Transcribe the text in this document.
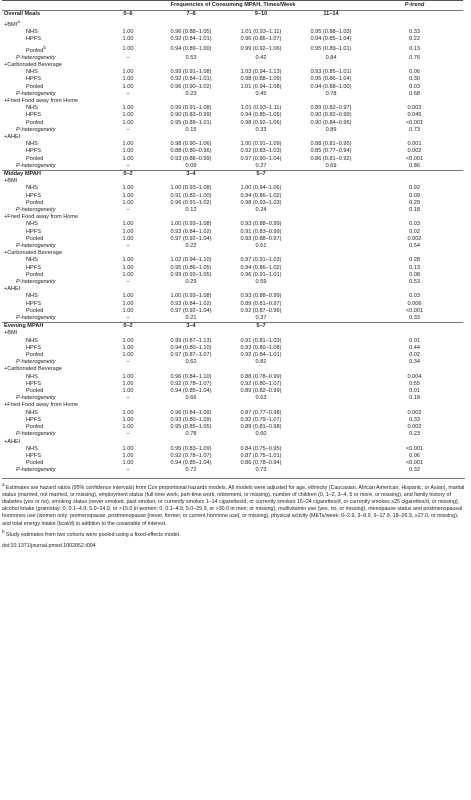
	Frequencies of Consuming MPAH, Times/Week				P-trend
Overall Meals	0–6	7–8	9–10	11–14	
$+BMI^a$
NHS	1.00	0.96 (0.88–1.05)	1.01 (0.93–1.11)	0.95 (0.88–1.03)	0.33
HPFS	1.00	0.92 (0.84–1.01)	0.96 (0.86–1.07)	0.94 (0.85–1.04)	0.22
Pooled$^b$	1.00	0.94 (0.89–1.00)	0.99 (0.92–1.06)	0.95 (0.89–1.01)	0.13
P-heterogeneity	–	0.53	0.42	0.84	0.76
+Carbonated Beverage					
NHS	1.00	0.99 (0.91–1.08)	1.03 (0.94–1.13)	0.93 (0.85–1.01)	0.06
HPFS	1.00	0.92 (0.84–1.01)	0.98 (0.88–1.09)	0.95 (0.86–1.04)	0.30
Pooled	1.00	0.96 (0.90–1.02)	1.01 (0.94–1.08)	0.94 (0.88–1.00)	0.03
P-heterogeneity	–	0.23	0.45	0.78	0.68
+Fried Food away from Home					
NHS	1.00	0.99 (0.91–1.08)	1.01 (0.93–1.11)	0.89 (0.82–0.97)	0.003
HPFS	1.00	0.90 (0.83–0.99)	0.94 (0.85–1.05)	0.90 (0.82–0.99)	0.045
Pooled	1.00	0.95 (0.89–1.01)	0.98 (0.92–1.06)	0.90 (0.84–0.95)	<0.001
P-heterogeneity	–	0.15	0.33	0.89	0.73
+AHEI					
NHS	1.00	0.98 (0.90–1.06)	1.00 (0.91–1.09)	0.88 (0.81–0.95)	0.001
HPFS	1.00	0.88 (0.80–0.96)	0.92 (0.83–1.03)	0.85 (0.77–0.94)	0.002
Pooled	1.00	0.93 (0.88–0.99)	0.97 (0.90–1.04)	0.86 (0.81–0.92)	<0.001
P-heterogeneity	–	0.09	0.27	0.69	0.86
Midday MPAH	0–2	3–4	5–7		
+BMI					
NHS	1.00	1.00 (0.93–1.08)	1.00 (0.94–1.06)		0.92
HPFS	1.00	0.91 (0.82–1.00)	0.94 (0.86–1.02)		0.09
Pooled	1.00	0.96 (0.91–1.02)	0.98 (0.93–1.03)		0.29
P-heterogeneity	–	0.12	0.24		0.18
+Fried Food away from Home					
NHS	1.00	1.00 (0.93–1.08)	0.93 (0.88–0.99)		0.03
HPFS	1.00	0.93 (0.84–1.02)	0.91 (0.83–0.99)		0.02
Pooled	1.00	0.97 (0.92–1.04)	0.93 (0.88–0.97)		0.002
P-heterogeneity	–	0.22	0.61		0.54
+Carbonated Beverage					
NHS	1.00	1.02 (0.94–1.10)	0.97 (0.91–1.03)		0.28
HPFS	1.00	0.95 (0.86–1.05)	0.94 (0.86–1.02)		0.13
Pooled	1.00	0.99 (0.93–1.05)	0.96 (0.91–1.01)		0.08
P-heterogeneity	–	0.29	0.59		0.53
+AHEI					
NHS	1.00	1.00 (0.93–1.08)	0.93 (0.88–0.99)		0.03
HPFS	1.00	0.93 (0.84–1.02)	0.89 (0.81–0.97)		0.006
Pooled	1.00	0.97 (0.92–1.04)	0.92 (0.87–0.96)		<0.001
P-heterogeneity	–	0.21	0.37		0.33
Evening MPAH	0–2	3–4	5–7		
+BMI					
NHS	1.00	0.99 (0.87–1.13)	0.91 (0.81–1.03)		0.01
HPFS	1.00	0.94 (0.80–1.10)	0.93 (0.80–1.08)		0.44
Pooled	1.00	0.97 (0.87–1.07)	0.92 (0.84–1.01)		0.02
P-heterogeneity	–	0.62	0.82		0.34
+Carbonated Beverage					
NHS	1.00	0.96 (0.84–1.10)	0.88 (0.78–0.99)		0.004
HPFS	1.00	0.92 (0.78–1.07)	0.92 (0.80–1.07)		0.55
Pooled	1.00	0.94 (0.85–1.04)	0.89 (0.82–0.99)		0.01
P-heterogeneity	–	0.66	0.63		0.18
+Fried Food away from Home					
NHS	1.00	0.96 (0.84–1.09)	0.87 (0.77–0.98)		0.002
HPFS	1.00	0.93 (0.80–1.09)	0.92 (0.79–1.07)		0.33
Pooled	1.00	0.95 (0.85–1.05)	0.89 (0.81–0.98)		0.002
P-heterogeneity	–	0.78	0.60		0.23
+AHEI					
NHS	1.00	0.95 (0.83–1.09)	0.84 (0.75–0.95)		<0.001
HPFS	1.00	0.92 (0.78–1.07)	0.87 (0.75–1.01)		0.06
Pooled	1.00	0.94 (0.85–1.04)	0.86 (0.78–0.94)		<0.001
P-heterogeneity	–	0.72	0.73		0.32

$^a$ Estimates are hazard ratios (95% confidence intervals) from Cox proportional hazards models. All models were adjusted for age, ethnicity (Caucasian, African American, Hispanic, or Asian), marital status (married, not married, or missing), employment status (full-time work, part-time work, retirement, or missing), number of children (0, 1–2, 3–4, 5 or more, or missing), and family history of diabetes (yes or no), smoking status (never smoked, past smoker, or currently smokes 1–14 cigarettes/d, or currently smokes 15–24 cigarettes/d, or currently smokes ≥25 cigarettes/d, or missing), alcohol intake (gram/day: 0, 0.1–4.9, 5.0–14.9, or >15.0 in women; 0, 0.1–4.9, 5.0–29.9, or >30.0 in men; or missing), multivitamin use (yes, no, or missing), menopause status and postmenopausal hormones use (women only: premenopause, postmenopause [never, former, or current hormone use], or missing), physical activity (METs/week: 0–2.9, 3–8.9, 9–17.9, 18–26.9, ≥27.0, or missing), and total energy intake (kcal/d) in addition to the covariable of interest.

$^b$ Study estimates from two cohorts were pooled using a fixed-effects model.

doi:10.1371/journal.pmed.1002052.t004
